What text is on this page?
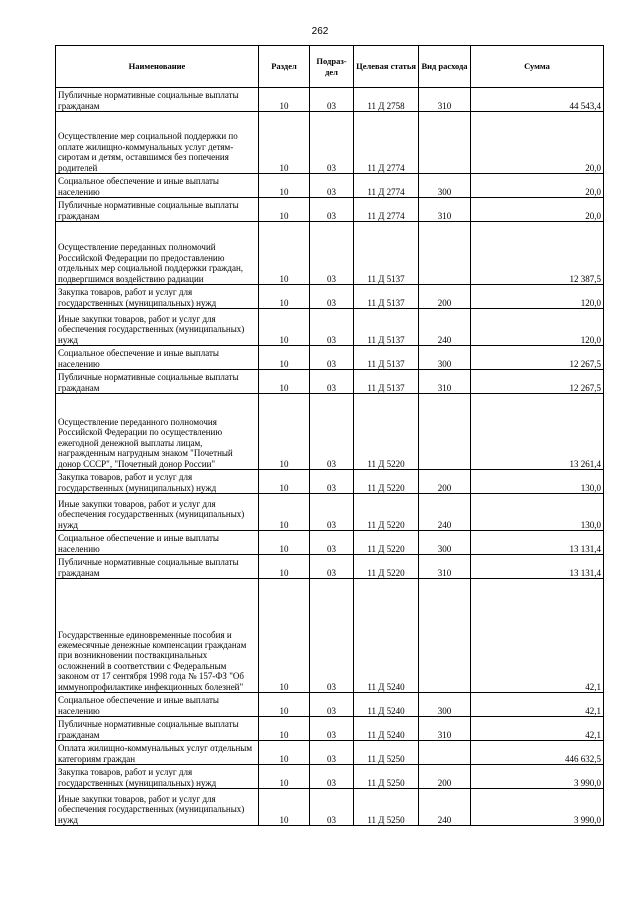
262
Наименование	Раздел	Подраз-дел	Целевая статья	Вид расхода	Сумма
Публичные нормативные социальные выплаты гражданам	10	03	11 Д 2758	310	44 543,4
Осуществление мер социальной поддержки по оплате жилищно-коммунальных услуг детям-сиротам и детям, оставшимся без попечения родителей	10	03	11 Д 2774		20,0
Социальное обеспечение и иные выплаты населению	10	03	11 Д 2774	300	20,0
Публичные нормативные социальные выплаты гражданам	10	03	11 Д 2774	310	20,0
Осуществление переданных полномочий Российской Федерации по предоставлению отдельных мер социальной поддержки граждан, подвергшимся воздействию радиации	10	03	11 Д 5137		12 387,5
Закупка товаров, работ и услуг для государственных (муниципальных) нужд	10	03	11 Д 5137	200	120,0
Иные закупки товаров, работ и услуг для обеспечения государственных (муниципальных) нужд	10	03	11 Д 5137	240	120,0
Социальное обеспечение и иные выплаты населению	10	03	11 Д 5137	300	12 267,5
Публичные нормативные социальные выплаты гражданам	10	03	11 Д 5137	310	12 267,5
Осуществление переданного полномочия Российской Федерации по осуществлению ежегодной денежной выплаты лицам, награжденным нагрудным знаком "Почетный донор СССР", "Почетный донор России"	10	03	11 Д 5220		13 261,4
Закупка товаров, работ и услуг для государственных (муниципальных) нужд	10	03	11 Д 5220	200	130,0
Иные закупки товаров, работ и услуг для обеспечения государственных (муниципальных) нужд	10	03	11 Д 5220	240	130,0
Социальное обеспечение и иные выплаты населению	10	03	11 Д 5220	300	13 131,4
Публичные нормативные социальные выплаты гражданам	10	03	11 Д 5220	310	13 131,4
Государственные единовременные пособия и ежемесячные денежные компенсации гражданам при возникновении поствакцинальных осложнений в соответствии с Федеральным законом от 17 сентября 1998 года № 157-ФЗ "Об иммунопрофилактике инфекционных болезней"	10	03	11 Д 5240		42,1
Социальное обеспечение и иные выплаты населению	10	03	11 Д 5240	300	42,1
Публичные нормативные социальные выплаты гражданам	10	03	11 Д 5240	310	42,1
Оплата жилищно-коммунальных услуг отдельным категориям граждан	10	03	11 Д 5250		446 632,5
Закупка товаров, работ и услуг для государственных (муниципальных) нужд	10	03	11 Д 5250	200	3 990,0
Иные закупки товаров, работ и услуг для обеспечения государственных (муниципальных) нужд	10	03	11 Д 5250	240	3 990,0
